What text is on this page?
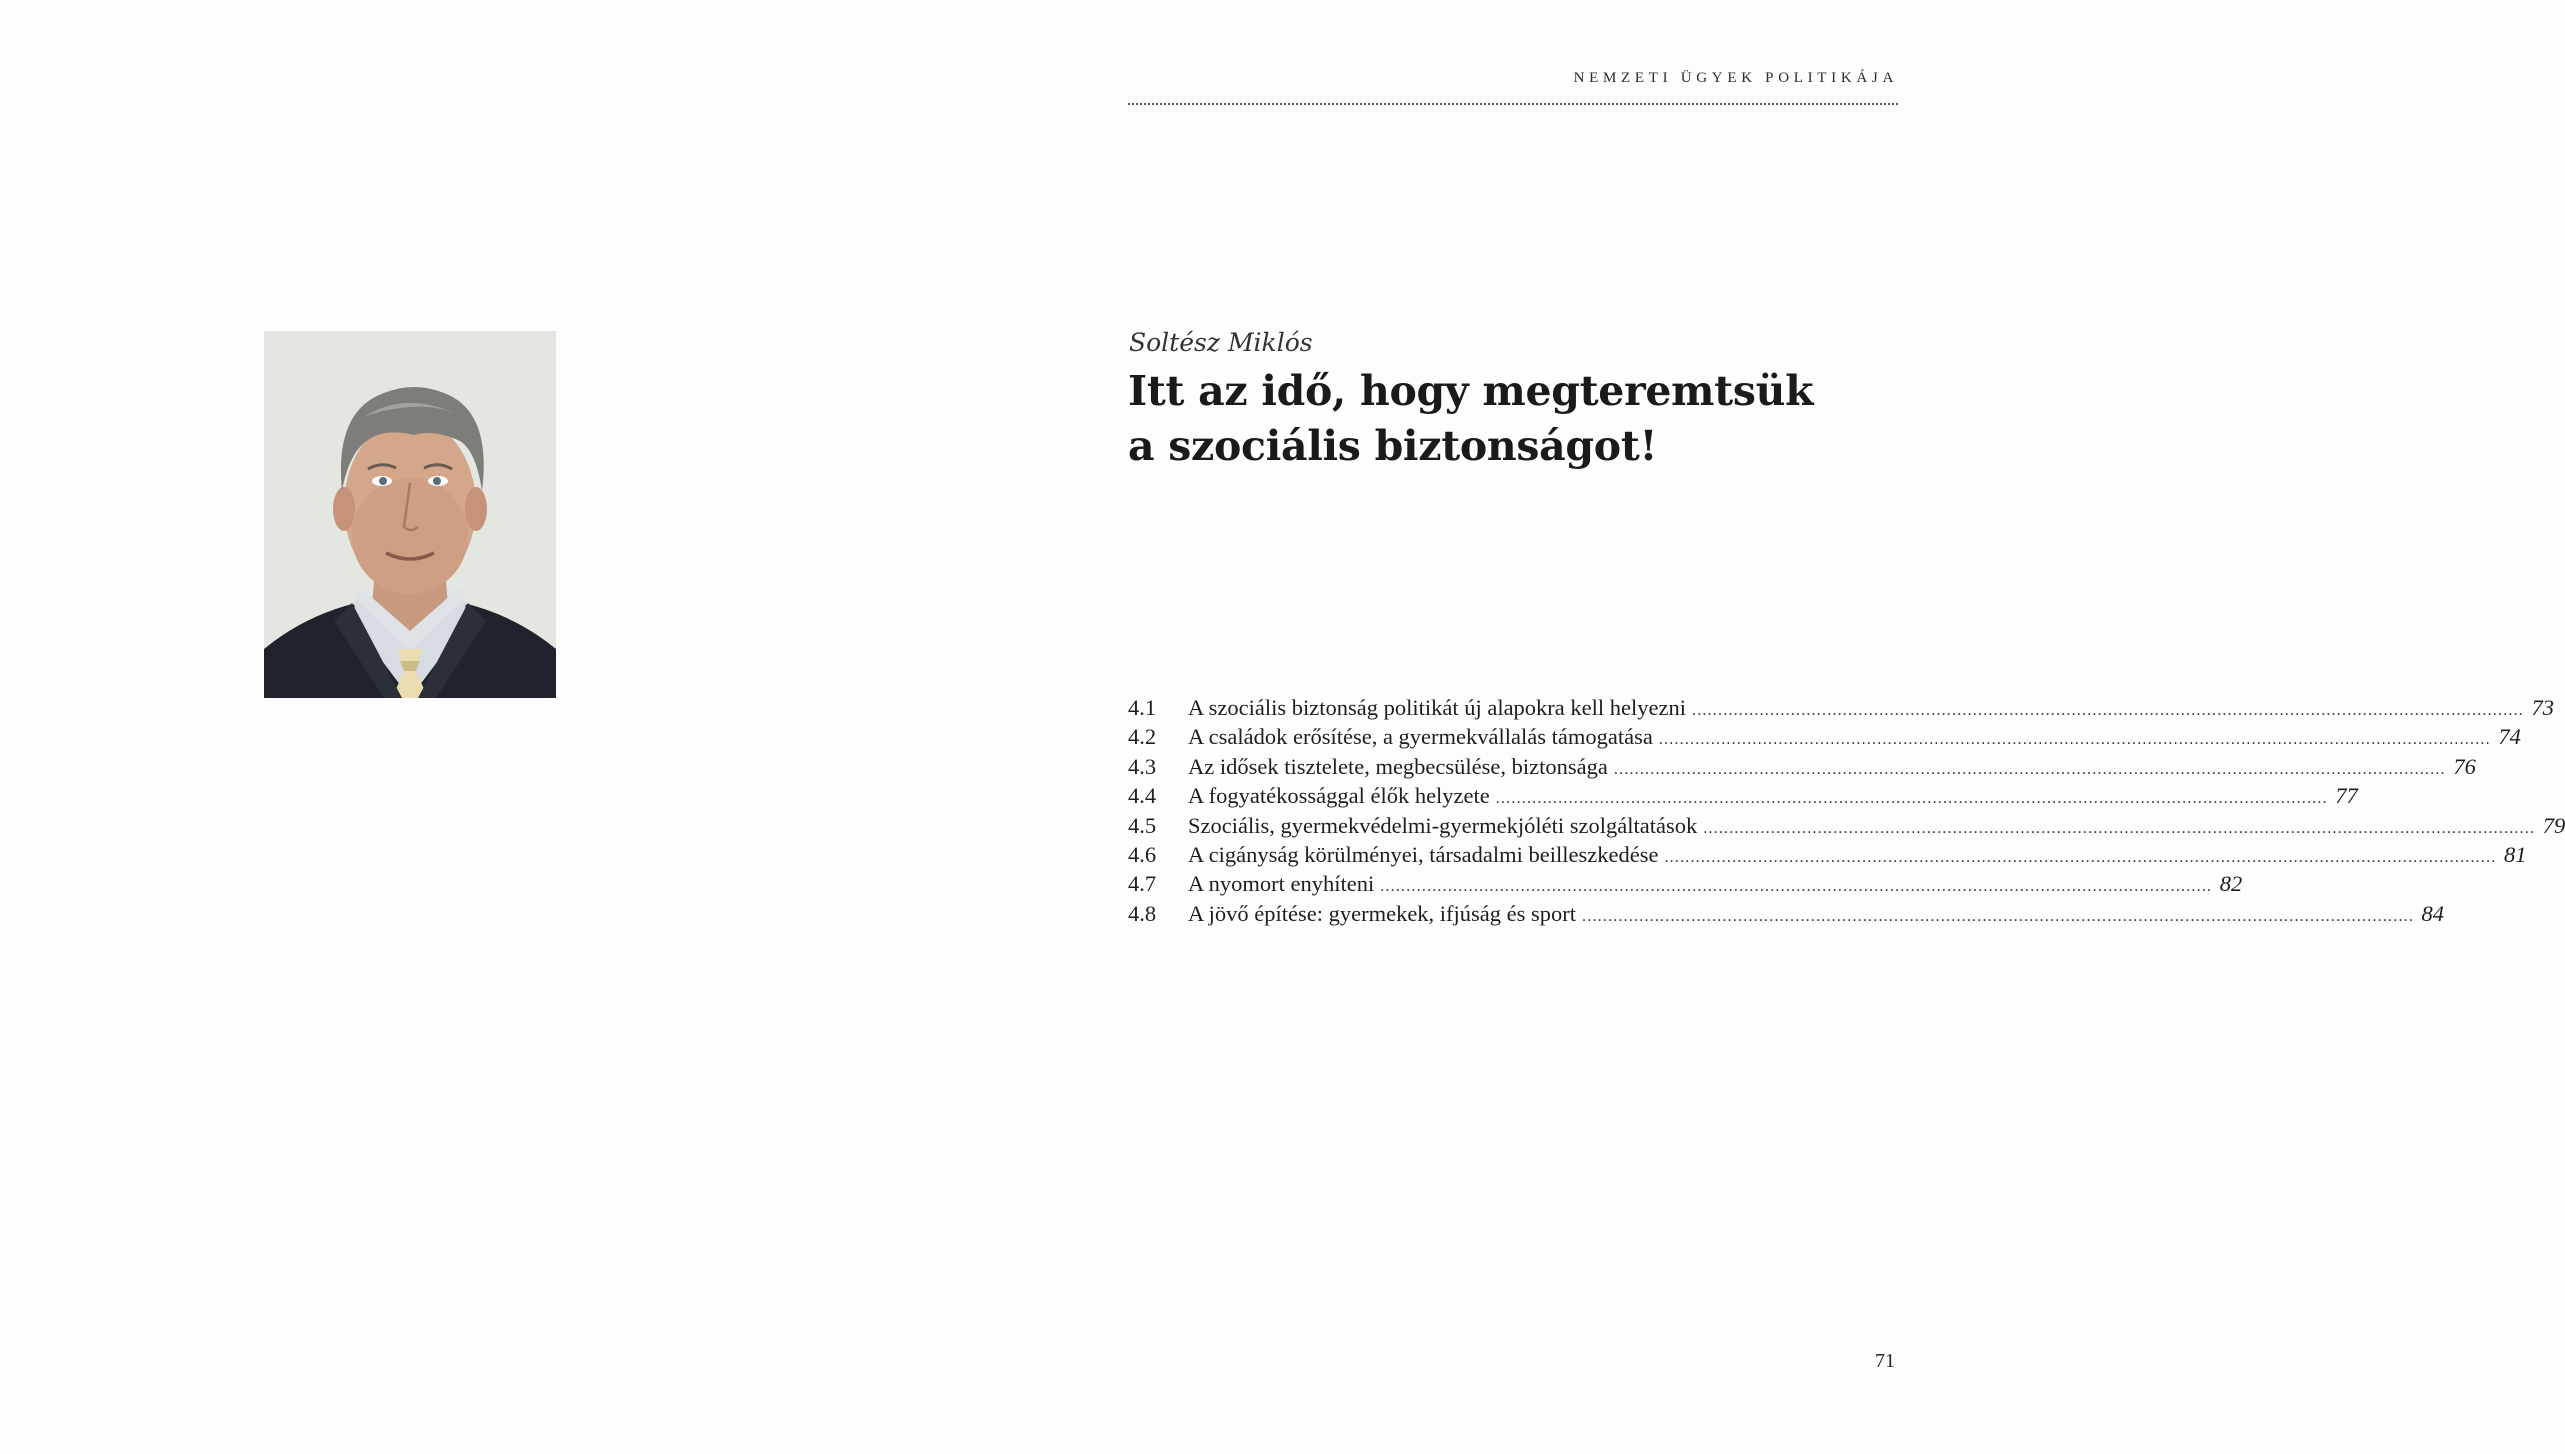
NEMZETI ÜGYEK POLITIKÁJA
Soltész Miklós
Itt az idő, hogy megteremtsük
a szociális biztonságot!
4.1	A szociális biztonság politikát új alapokra kell helyezni ................................................................................................................................................................ 73
4.2	A családok erősítése, a gyermekvállalás támogatása ................................................................................................................................................................ 74
4.3	Az idősek tisztelete, megbecsülése, biztonsága ................................................................................................................................................................ 76
4.4	A fogyatékossággal élők helyzete ................................................................................................................................................................ 77
4.5	Szociális, gyermekvédelmi-gyermekjóléti szolgáltatások ................................................................................................................................................................ 79
4.6	A cigányság körülményei, társadalmi beilleszkedése ................................................................................................................................................................ 81
4.7	A nyomort enyhíteni ................................................................................................................................................................ 82
4.8	A jövő építése: gyermekek, ifjúság és sport ................................................................................................................................................................ 84
71
